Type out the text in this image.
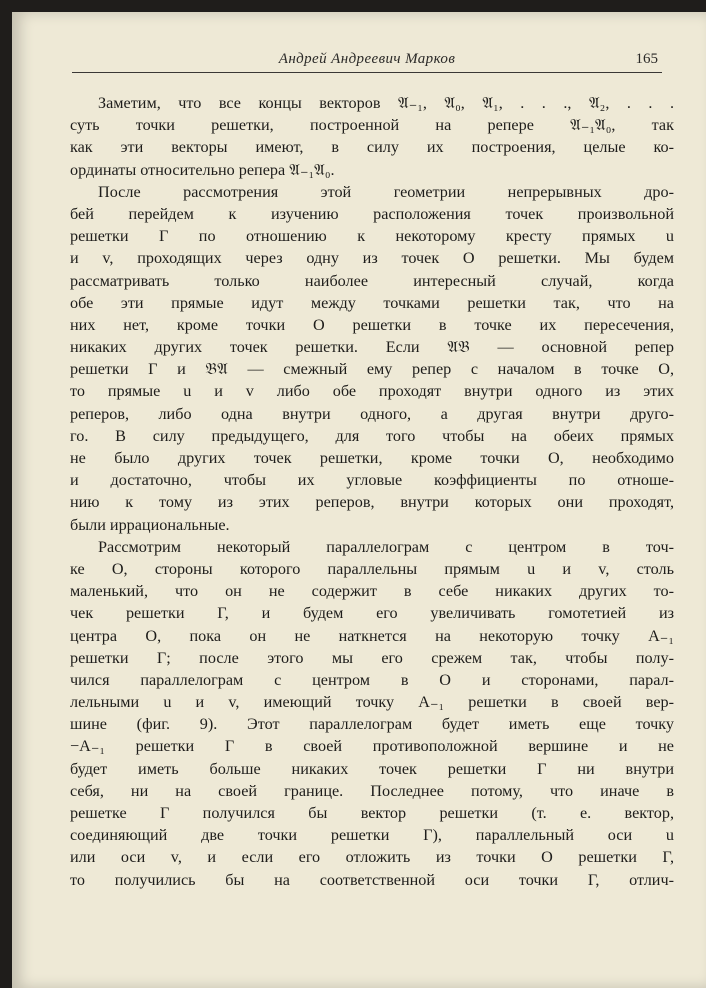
Андрей Андреевич Марков	165
Заметим, что все концы векторов 𝔄₋₁, 𝔄₀, 𝔄₁, . . ., 𝔄₂, . . .
суть точки решетки, построенной на репере 𝔄₋₁𝔄₀, так
как эти векторы имеют, в силу их построения, целые ко-
ординаты относительно репера 𝔄₋₁𝔄₀.
После рассмотрения этой геометрии непрерывных дро-
бей перейдем к изучению расположения точек произвольной
решетки Г по отношению к некоторому кресту прямых u
и v, проходящих через одну из точек O решетки. Мы будем
рассматривать только наиболее интересный случай, когда
обе эти прямые идут между точками решетки так, что на
них нет, кроме точки O решетки в точке их пересечения,
никаких других точек решетки. Если 𝔄𝔅 — основной репер
решетки Г и 𝔅𝔄 — смежный ему репер с началом в точке O,
то прямые u и v либо обе проходят внутри одного из этих
реперов, либо одна внутри одного, а другая внутри друго-
го. В силу предыдущего, для того чтобы на обеих прямых
не было других точек решетки, кроме точки O, необходимо
и достаточно, чтобы их угловые коэффициенты по отноше-
нию к тому из этих реперов, внутри которых они проходят,
были иррациональные.
Рассмотрим некоторый параллелограм с центром в точ-
ке O, стороны которого параллельны прямым u и v, столь
маленький, что он не содержит в себе никаких других то-
чек решетки Г, и будем его увеличивать гомотетией из
центра O, пока он не наткнется на некоторую точку A₋₁
решетки Г; после этого мы его срежем так, чтобы полу-
чился параллелограм с центром в O и сторонами, парал-
лельными u и v, имеющий точку A₋₁ решетки в своей вер-
шине (фиг. 9). Этот параллелограм будет иметь еще точку
−A₋₁ решетки Г в своей противоположной вершине и не
будет иметь больше никаких точек решетки Г ни внутри
себя, ни на своей границе. Последнее потому, что иначе в
решетке Г получился бы вектор решетки (т. е. вектор,
соединяющий две точки решетки Г), параллельный оси u
или оси v, и если его отложить из точки O решетки Г,
то получились бы на соответственной оси точки Г, отлич-
